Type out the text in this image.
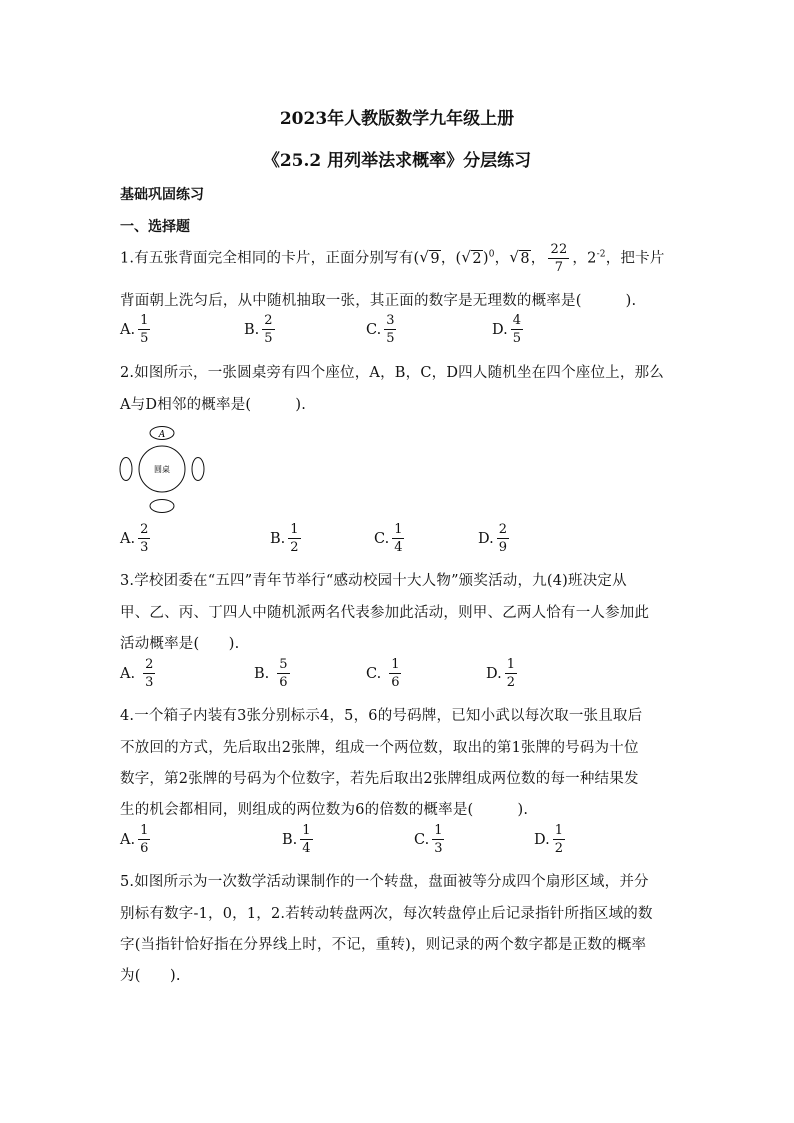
2023年人教版数学九年级上册
《25.2 用列举法求概率》分层练习
基础巩固练习
一、选择题
1.有五张背面完全相同的卡片，正面分别写有( √ 9，( √ 2)$^0$， √ 8， $\frac{22}{7}$ ，$2^{-2}$，把卡片
背面朝上洗匀后，从中随机抽取一张，其正面的数字是无理数的概率是(　　　).
A. $\frac{1}{5}$	B. $\frac{2}{5}$	C. $\frac{3}{5}$	D. $\frac{4}{5}$
2.如图所示，一张圆桌旁有四个座位，A，B，C，D四人随机坐在四个座位上，那么
A与D相邻的概率是(　　　).
A
圆桌
A. $\frac{2}{3}$	B. $\frac{1}{2}$	C. $\frac{1}{4}$	D. $\frac{2}{9}$
3.学校团委在“五四”青年节举行“感动校园十大人物”颁奖活动，九(4)班决定从
甲、乙、丙、丁四人中随机派两名代表参加此活动，则甲、乙两人恰有一人参加此
活动概率是(　　).
A. $\frac{2}{3}$	B. $\frac{5}{6}$	C. $\frac{1}{6}$	D. $\frac{1}{2}$
4.一个箱子内装有3张分别标示4，5，6的号码牌，已知小武以每次取一张且取后
不放回的方式，先后取出2张牌，组成一个两位数，取出的第1张牌的号码为十位
数字，第2张牌的号码为个位数字，若先后取出2张牌组成两位数的每一种结果发
生的机会都相同，则组成的两位数为6的倍数的概率是(　　　).
A. $\frac{1}{6}$	B. $\frac{1}{4}$	C. $\frac{1}{3}$	D. $\frac{1}{2}$
5.如图所示为一次数学活动课制作的一个转盘，盘面被等分成四个扇形区域，并分
别标有数字-1，0，1，2.若转动转盘两次，每次转盘停止后记录指针所指区域的数
字(当指针恰好指在分界线上时，不记，重转)，则记录的两个数字都是正数的概率
为(　　).
